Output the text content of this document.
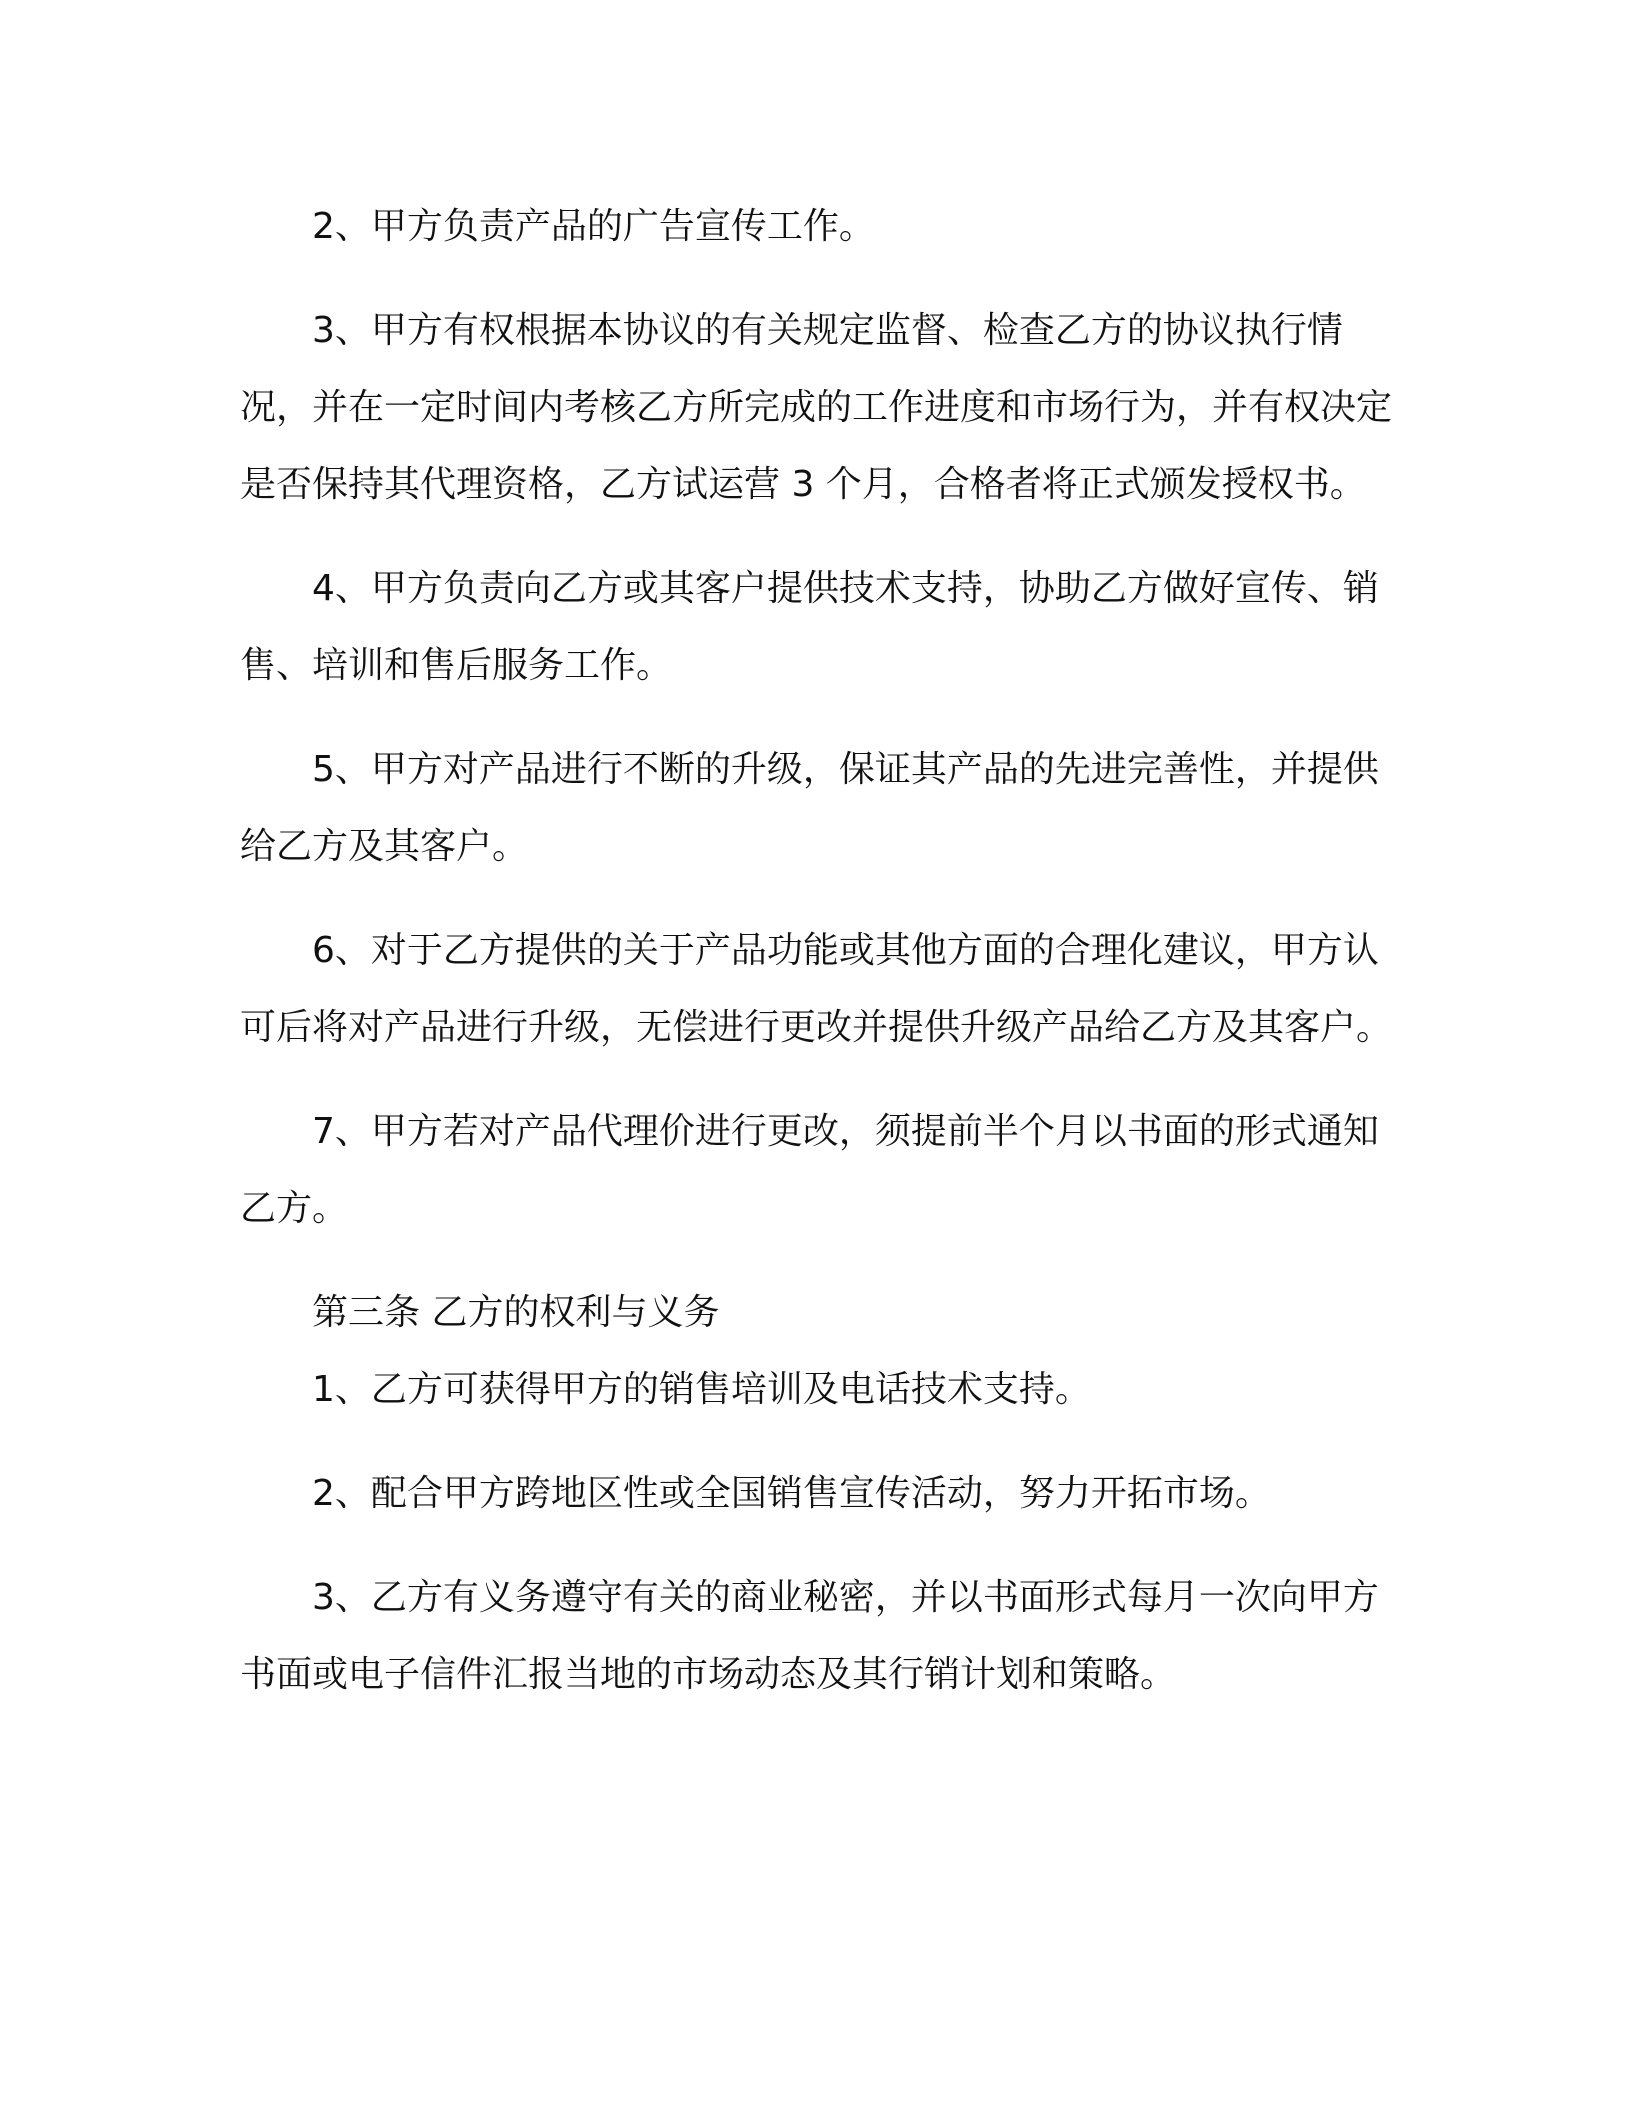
2、甲方负责产品的广告宣传工作。

3、甲方有权根据本协议的有关规定监督、检查乙方的协议执行情况，并在一定时间内考核乙方所完成的工作进度和市场行为，并有权决定是否保持其代理资格，乙方试运营 3 个月，合格者将正式颁发授权书。

4、甲方负责向乙方或其客户提供技术支持，协助乙方做好宣传、销售、培训和售后服务工作。

5、甲方对产品进行不断的升级，保证其产品的先进完善性，并提供给乙方及其客户。

6、对于乙方提供的关于产品功能或其他方面的合理化建议，甲方认可后将对产品进行升级，无偿进行更改并提供升级产品给乙方及其客户。

7、甲方若对产品代理价进行更改，须提前半个月以书面的形式通知乙方。

第三条 乙方的权利与义务

1、乙方可获得甲方的销售培训及电话技术支持。

2、配合甲方跨地区性或全国销售宣传活动，努力开拓市场。

3、乙方有义务遵守有关的商业秘密，并以书面形式每月一次向甲方书面或电子信件汇报当地的市场动态及其行销计划和策略。
